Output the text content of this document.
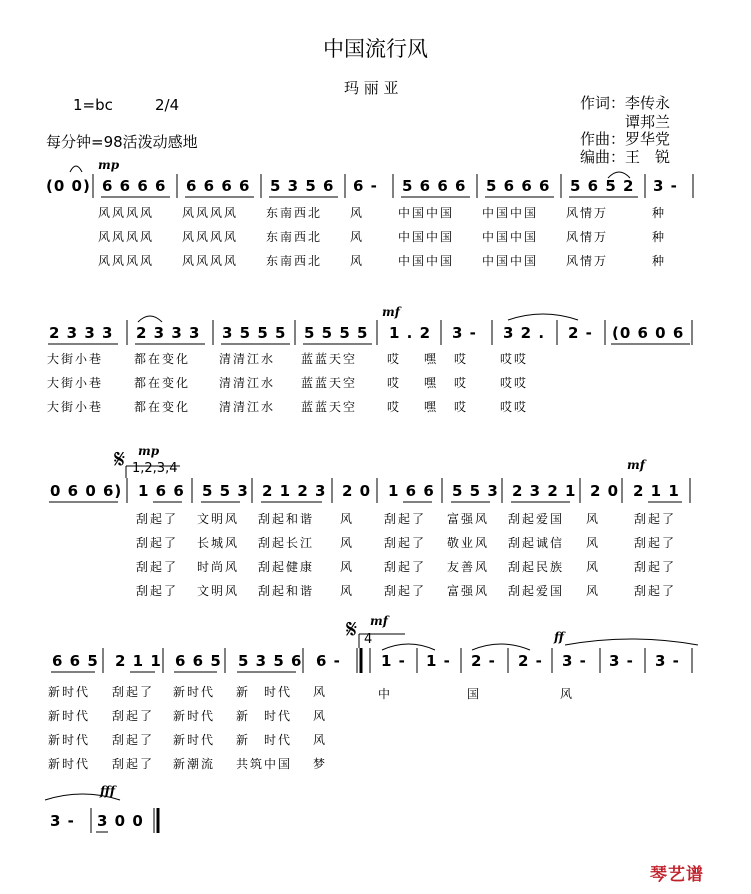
中国流行风
玛 丽 亚
1=bc	2/4
每分钟=98活泼动感地
作词：李传永
谭邦兰
作曲：罗华党
编曲：王　锐
mp
(0 0) 6 6 6 6 6 6 6 6 5 3 5 6 6 - 5 6 6 6 5 6 6 6 5 6 5 2 3 -
风风风风 风风风风 东南西北 风	中国中国 中国中国 风情万	种
风风风风 风风风风 东南西北 风	中国中国 中国中国 风情万	种
风风风风 风风风风 东南西北 风	中国中国 中国中国 风情万	种
mf
2 3 3 3 2 3 3 3 3 5 5 5 5 5 5 5 1 . 2 3 - 3 2 . 2 - (0 6 0 6
大街小巷	都在变化 清清江水 蓝蓝天空 哎 嘿 哎	哎哎
大街小巷	都在变化 清清江水 蓝蓝天空 哎 嘿 哎	哎哎
大街小巷	都在变化 清清江水 蓝蓝天空 哎 嘿 哎	哎哎
𝄋 mp
1,2,3,4	mf
0 6 0 6) 1 6 6 5 5 3 2 1 2 3 2 0 1 6 6 5 5 3 2 3 2 1 2 0 2 1 1
刮起了 文明风 刮起和谐 风 刮起了 富强风 刮起爱国 风	刮起了
刮起了 长城风 刮起长江 风 刮起了 敬业风 刮起诚信 风	刮起了
刮起了 时尚风 刮起健康 风 刮起了 友善风 刮起民族 风	刮起了
刮起了 文明风 刮起和谐 风 刮起了 富强风 刮起爱国 风	刮起了
𝄋 mf
4	ff
6 6 5 2 1 1 6 6 5 5 3 5 6 6 -	1 - 1 - 2 - 2 - 3 - 3 - 3 -
新时代 刮起了 新时代 新　时代 风
新时代 刮起了 新时代 新　时代 风
新时代 刮起了 新时代 新　时代 风
新时代 刮起了 新潮流 共筑中国 梦
中	国	风
fff
3 - 3 0 0
琴艺谱
